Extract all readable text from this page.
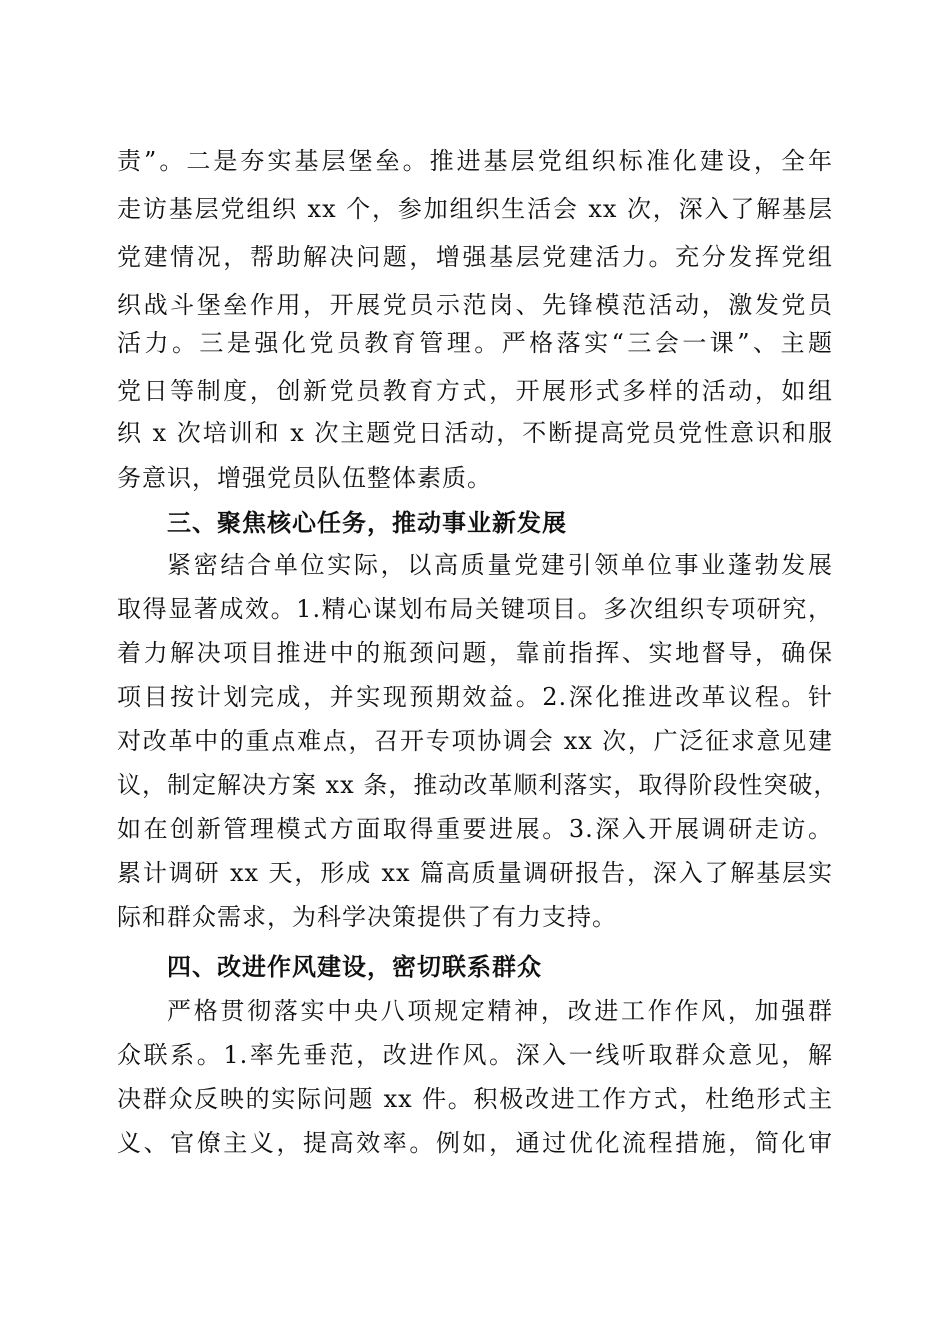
责”。二是夯实基层堡垒。推进基层党组织标准化建设，全年
走访基层党组织 xx 个，参加组织生活会 xx 次，深入了解基层
党建情况，帮助解决问题，增强基层党建活力。充分发挥党组
织战斗堡垒作用，开展党员示范岗、先锋模范活动，激发党员
活力。三是强化党员教育管理。严格落实“三会一课”、主题
党日等制度，创新党员教育方式，开展形式多样的活动，如组
织 x 次培训和 x 次主题党日活动，不断提高党员党性意识和服
务意识，增强党员队伍整体素质。
三、聚焦核心任务，推动事业新发展
紧密结合单位实际，以高质量党建引领单位事业蓬勃发展
取得显著成效。1.精心谋划布局关键项目。多次组织专项研究，
着力解决项目推进中的瓶颈问题，靠前指挥、实地督导，确保
项目按计划完成，并实现预期效益。2.深化推进改革议程。针
对改革中的重点难点，召开专项协调会 xx 次，广泛征求意见建
议，制定解决方案 xx 条，推动改革顺利落实，取得阶段性突破，
如在创新管理模式方面取得重要进展。3.深入开展调研走访。
累计调研 xx 天，形成 xx 篇高质量调研报告，深入了解基层实
际和群众需求，为科学决策提供了有力支持。
四、改进作风建设，密切联系群众
严格贯彻落实中央八项规定精神，改进工作作风，加强群
众联系。1.率先垂范，改进作风。深入一线听取群众意见，解
决群众反映的实际问题 xx 件。积极改进工作方式，杜绝形式主
义、官僚主义，提高效率。例如，通过优化流程措施，简化审
